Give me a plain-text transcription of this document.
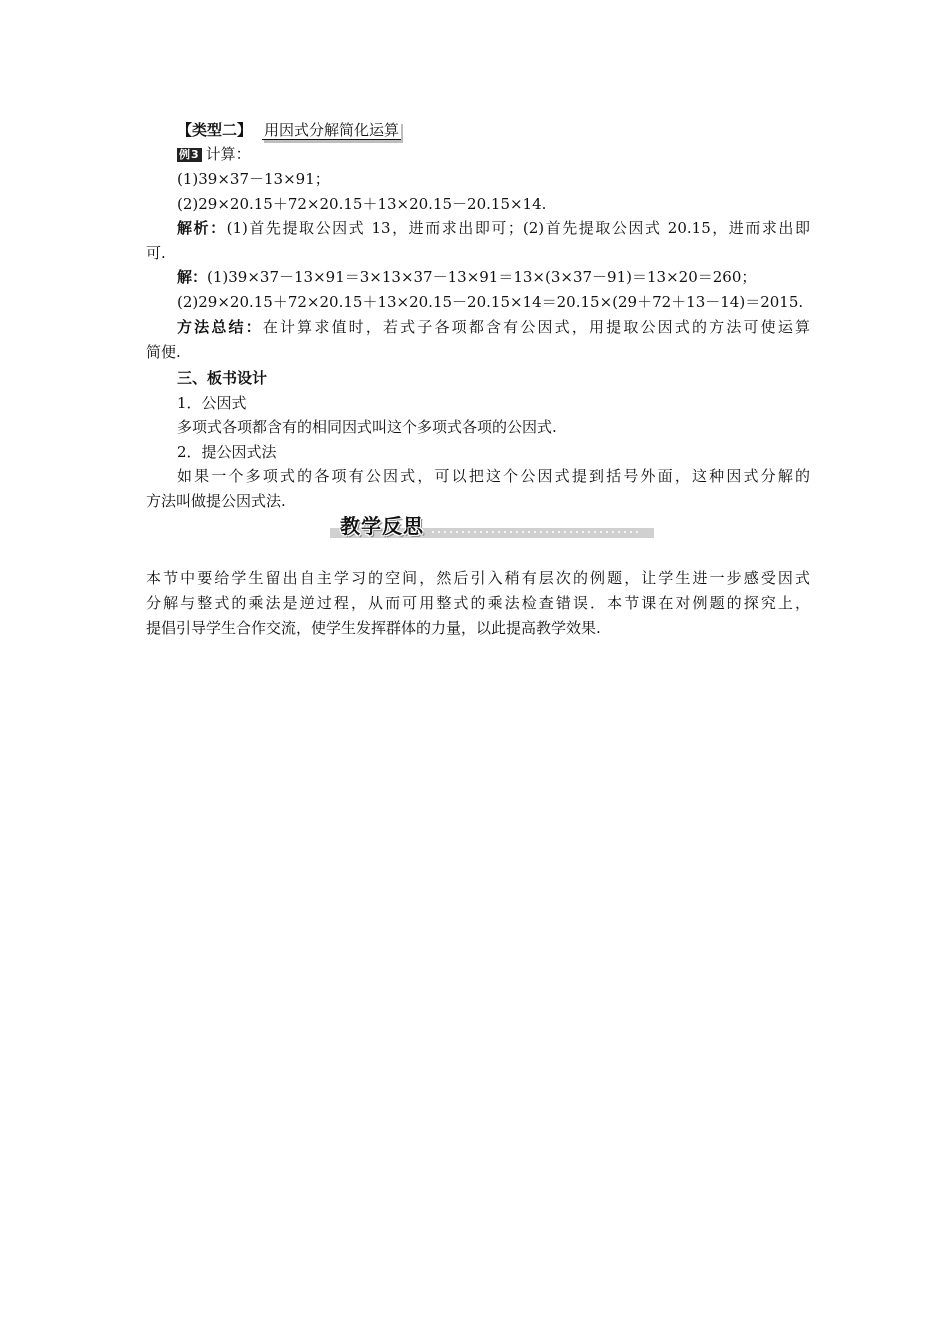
【类型二】 用因式分解简化运算
例3 计算：
(1)39×37－13×91；
(2)29×20.15＋72×20.15＋13×20.15－20.15×14.
解析：(1)首先提取公因式 13，进而求出即可；(2)首先提取公因式 20.15，进而求出即
可.
解：(1)39×37－13×91＝3×13×37－13×91＝13×(3×37－91)＝13×20＝260；
(2)29×20.15＋72×20.15＋13×20.15－20.15×14＝20.15×(29＋72＋13－14)＝2015.
方法总结：在计算求值时，若式子各项都含有公因式，用提取公因式的方法可使运算
简便.
三、板书设计
1．公因式
多项式各项都含有的相同因式叫这个多项式各项的公因式.
2．提公因式法
如果一个多项式的各项有公因式，可以把这个公因式提到括号外面，这种因式分解的
方法叫做提公因式法.
教学反思
本节中要给学生留出自主学习的空间，然后引入稍有层次的例题，让学生进一步感受因式
分解与整式的乘法是逆过程，从而可用整式的乘法检查错误．本节课在对例题的探究上，
提倡引导学生合作交流，使学生发挥群体的力量，以此提高教学效果.
